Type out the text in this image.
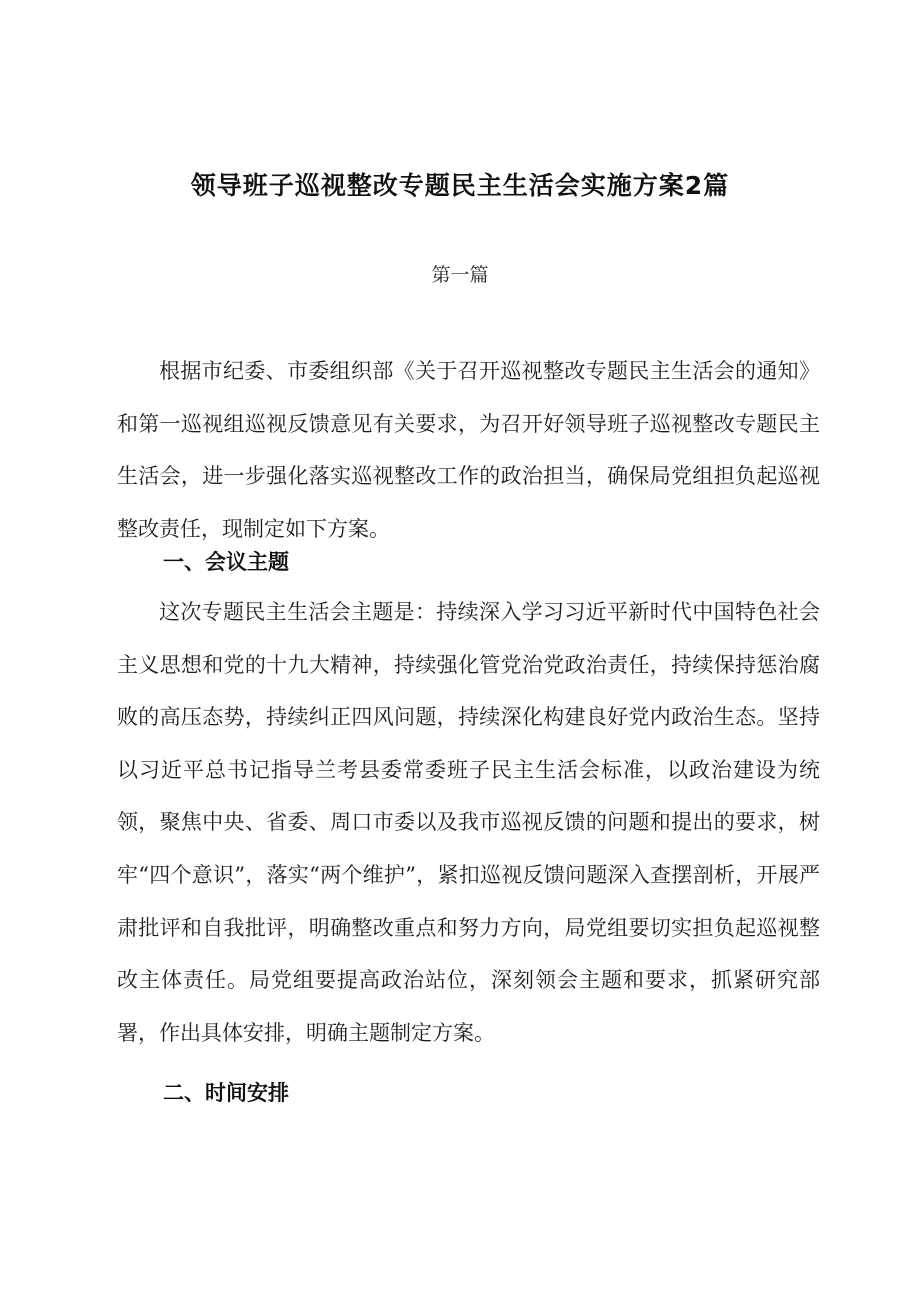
领导班子巡视整改专题民主生活会实施方案2篇
第一篇

根据市纪委、市委组织部《关于召开巡视整改专题民主生活会的通知》和第一巡视组巡视反馈意见有关要求，为召开好领导班子巡视整改专题民主生活会，进一步强化落实巡视整改工作的政治担当，确保局党组担负起巡视整改责任，现制定如下方案。

一、会议主题

这次专题民主生活会主题是：持续深入学习习近平新时代中国特色社会主义思想和党的十九大精神，持续强化管党治党政治责任，持续保持惩治腐败的高压态势，持续纠正四风问题，持续深化构建良好党内政治生态。坚持以习近平总书记指导兰考县委常委班子民主生活会标准，以政治建设为统领，聚焦中央、省委、周口市委以及我市巡视反馈的问题和提出的要求，树牢“四个意识”，落实“两个维护”，紧扣巡视反馈问题深入查摆剖析，开展严肃批评和自我批评，明确整改重点和努力方向，局党组要切实担负起巡视整改主体责任。局党组要提高政治站位，深刻领会主题和要求，抓紧研究部署，作出具体安排，明确主题制定方案。

二、时间安排
